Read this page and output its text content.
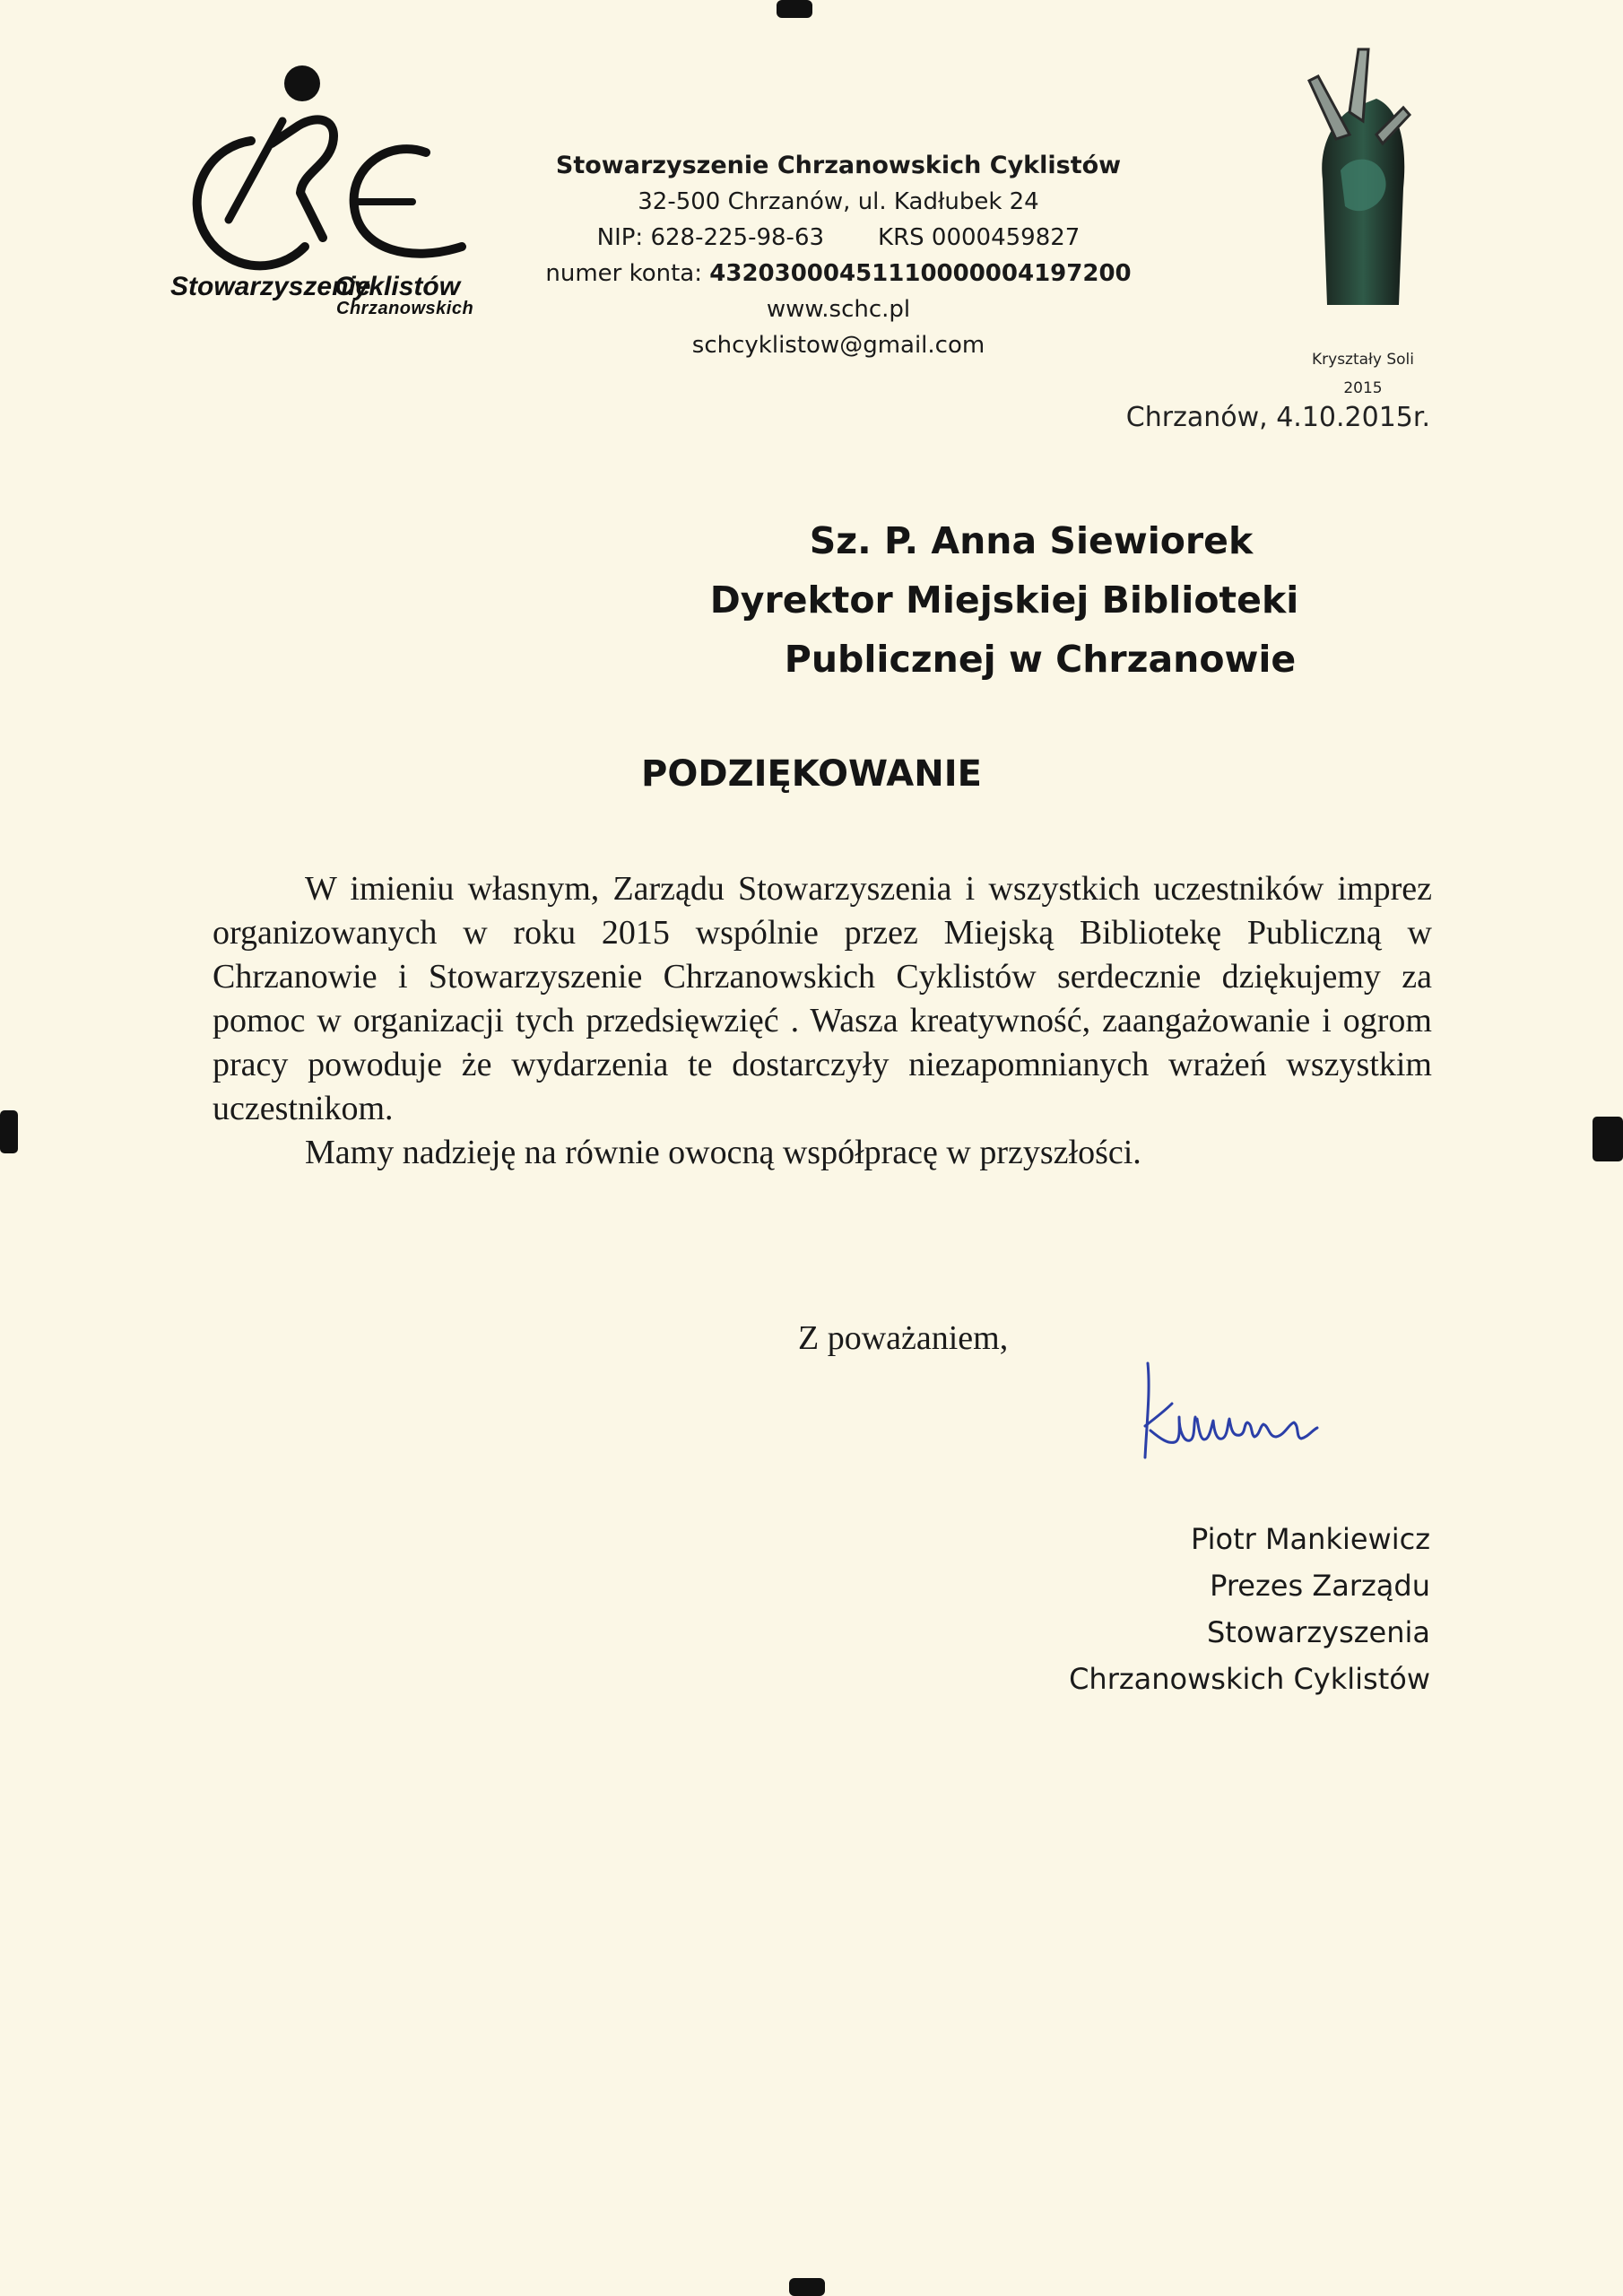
Stowarzyszenie
Cyklistów
Chrzanowskich
Stowarzyszenie Chrzanowskich Cyklistów
32-500 Chrzanów, ul. Kadłubek 24
NIP: 628-225-98-63 KRS 0000459827
numer konta: 43203000451110000004197200
www.schc.pl
schcyklistow@gmail.com
Kryształy Soli
2015
Chrzanów, 4.10.2015r.
Sz. P. Anna Siewiorek
Dyrektor Miejskiej Biblioteki
Publicznej w Chrzanowie
PODZIĘKOWANIE

W imieniu własnym, Zarządu Stowarzyszenia i wszystkich uczestników imprez organizowanych w roku 2015 wspólnie przez Miejską Bibliotekę Publiczną w Chrzanowie i Stowarzyszenie Chrzanowskich Cyklistów serdecznie dziękujemy za pomoc w organizacji tych przedsięwzięć . Wasza kreatywność, zaangażowanie i ogrom pracy powoduje że wydarzenia te dostarczyły niezapomnianych wrażeń wszystkim uczestnikom.

Mamy nadzieję na równie owocną współpracę w przyszłości.

Z poważaniem,
Piotr Mankiewicz
Prezes Zarządu
Stowarzyszenia
Chrzanowskich Cyklistów
